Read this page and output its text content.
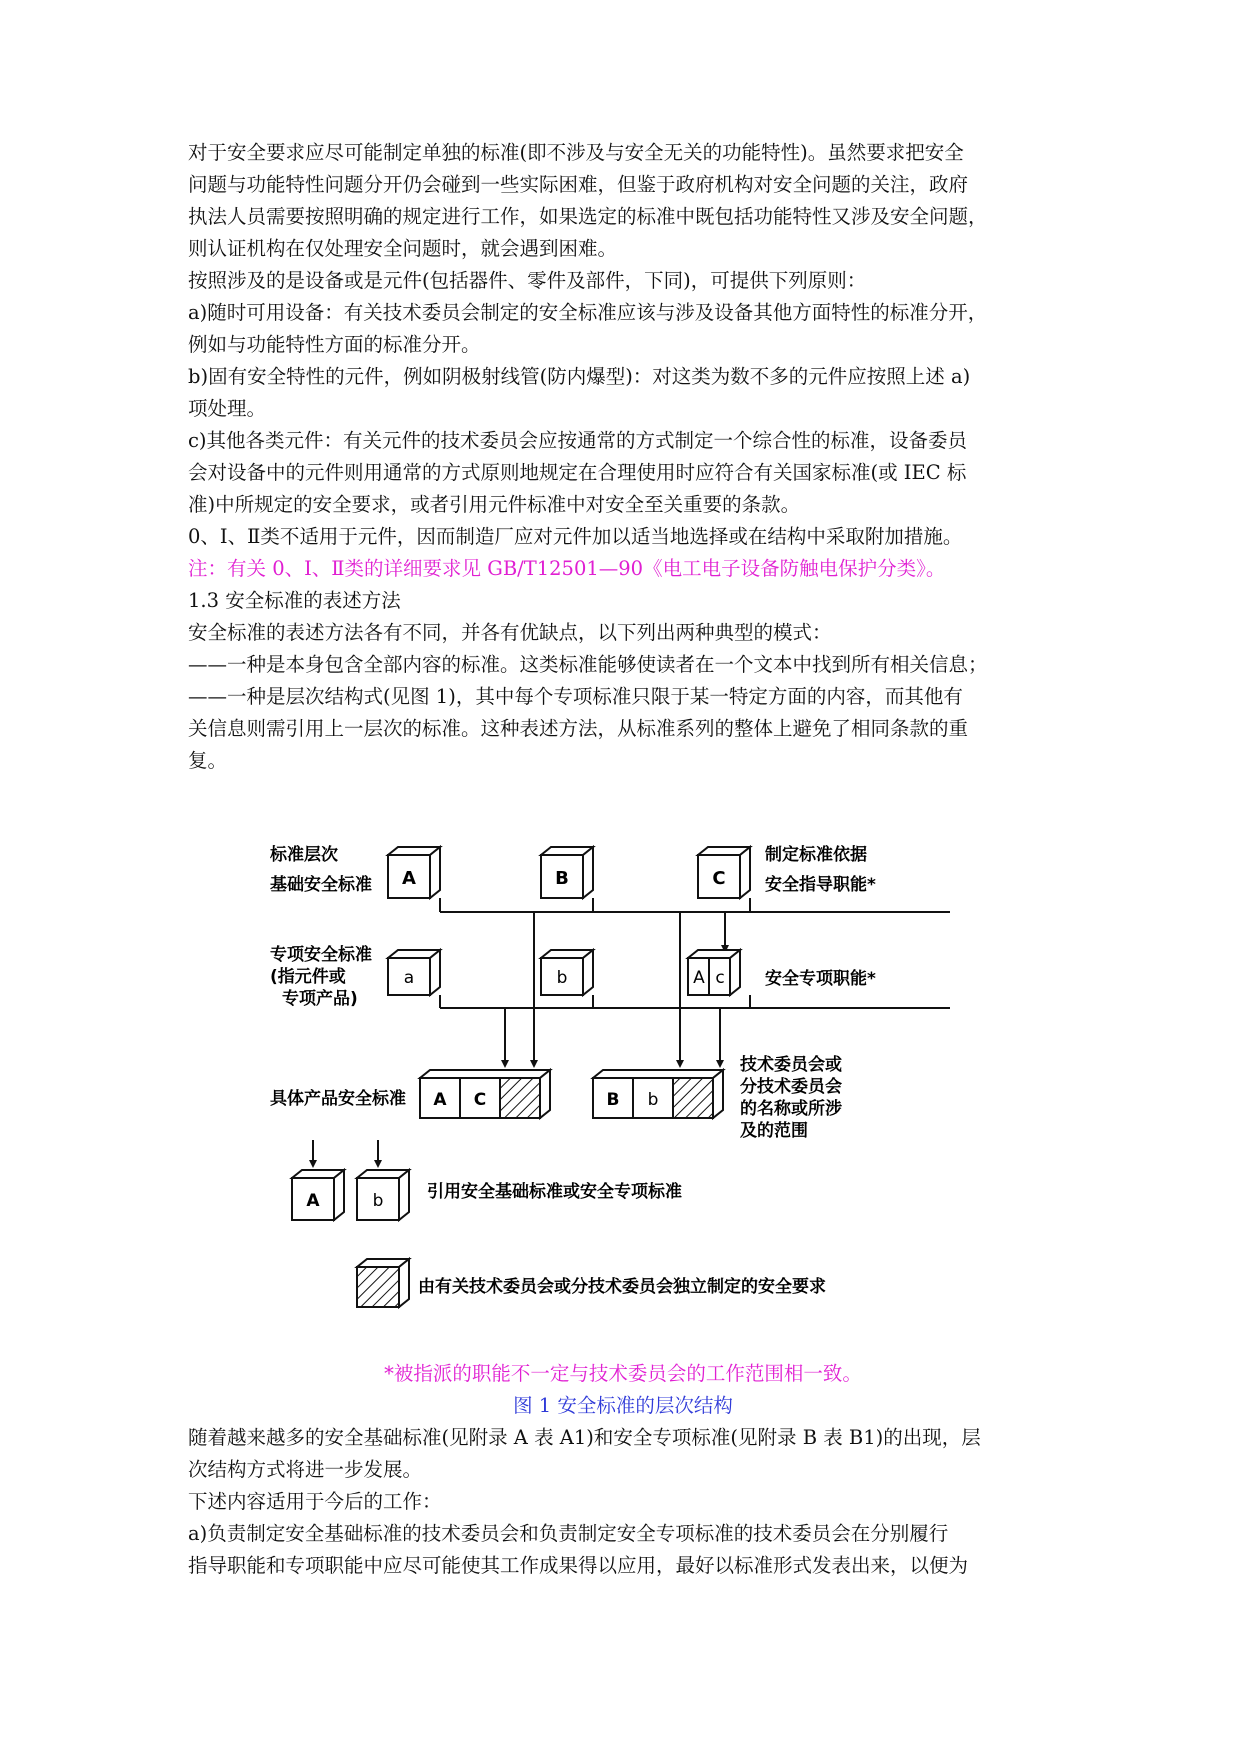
对于安全要求应尽可能制定单独的标准(即不涉及与安全无关的功能特性)。虽然要求把安全
问题与功能特性问题分开仍会碰到一些实际困难，但鉴于政府机构对安全问题的关注，政府
执法人员需要按照明确的规定进行工作，如果选定的标准中既包括功能特性又涉及安全问题，
则认证机构在仅处理安全问题时，就会遇到困难。
按照涉及的是设备或是元件(包括器件、零件及部件，下同)，可提供下列原则：
a)随时可用设备：有关技术委员会制定的安全标准应该与涉及设备其他方面特性的标准分开，
例如与功能特性方面的标准分开。
b)固有安全特性的元件，例如阴极射线管(防内爆型)：对这类为数不多的元件应按照上述 a)
项处理。
c)其他各类元件：有关元件的技术委员会应按通常的方式制定一个综合性的标准，设备委员
会对设备中的元件则用通常的方式原则地规定在合理使用时应符合有关国家标准(或 IEC 标
准)中所规定的安全要求，或者引用元件标准中对安全至关重要的条款。
0、Ⅰ、Ⅱ类不适用于元件，因而制造厂应对元件加以适当地选择或在结构中采取附加措施。
注：有关 0、Ⅰ、Ⅱ类的详细要求见 GB/T12501—90《电工电子设备防触电保护分类》。
1.3 安全标准的表述方法
安全标准的表述方法各有不同，并各有优缺点，以下列出两种典型的模式：
——一种是本身包含全部内容的标准。这类标准能够使读者在一个文本中找到所有相关信息；
——一种是层次结构式(见图 1)，其中每个专项标准只限于某一特定方面的内容，而其他有
关信息则需引用上一层次的标准。这种表述方法，从标准系列的整体上避免了相同条款的重
复。
A	B	C
a	b	A c
A C	B b
标准层次
基础安全标准
专项安全标准
(指元件或
专项产品)
具体产品安全标准
制定标准依据
安全指导职能*
安全专项职能*
技术委员会或
分技术委员会
的名称或所涉
及的范围
A	b	引用安全基础标准或安全专项标准
由有关技术委员会或分技术委员会独立制定的安全要求
*被指派的职能不一定与技术委员会的工作范围相一致。
图 1 安全标准的层次结构
随着越来越多的安全基础标准(见附录 A 表 A1)和安全专项标准(见附录 B 表 B1)的出现，层
次结构方式将进一步发展。
下述内容适用于今后的工作：
a)负责制定安全基础标准的技术委员会和负责制定安全专项标准的技术委员会在分别履行
指导职能和专项职能中应尽可能使其工作成果得以应用，最好以标准形式发表出来，以便为
